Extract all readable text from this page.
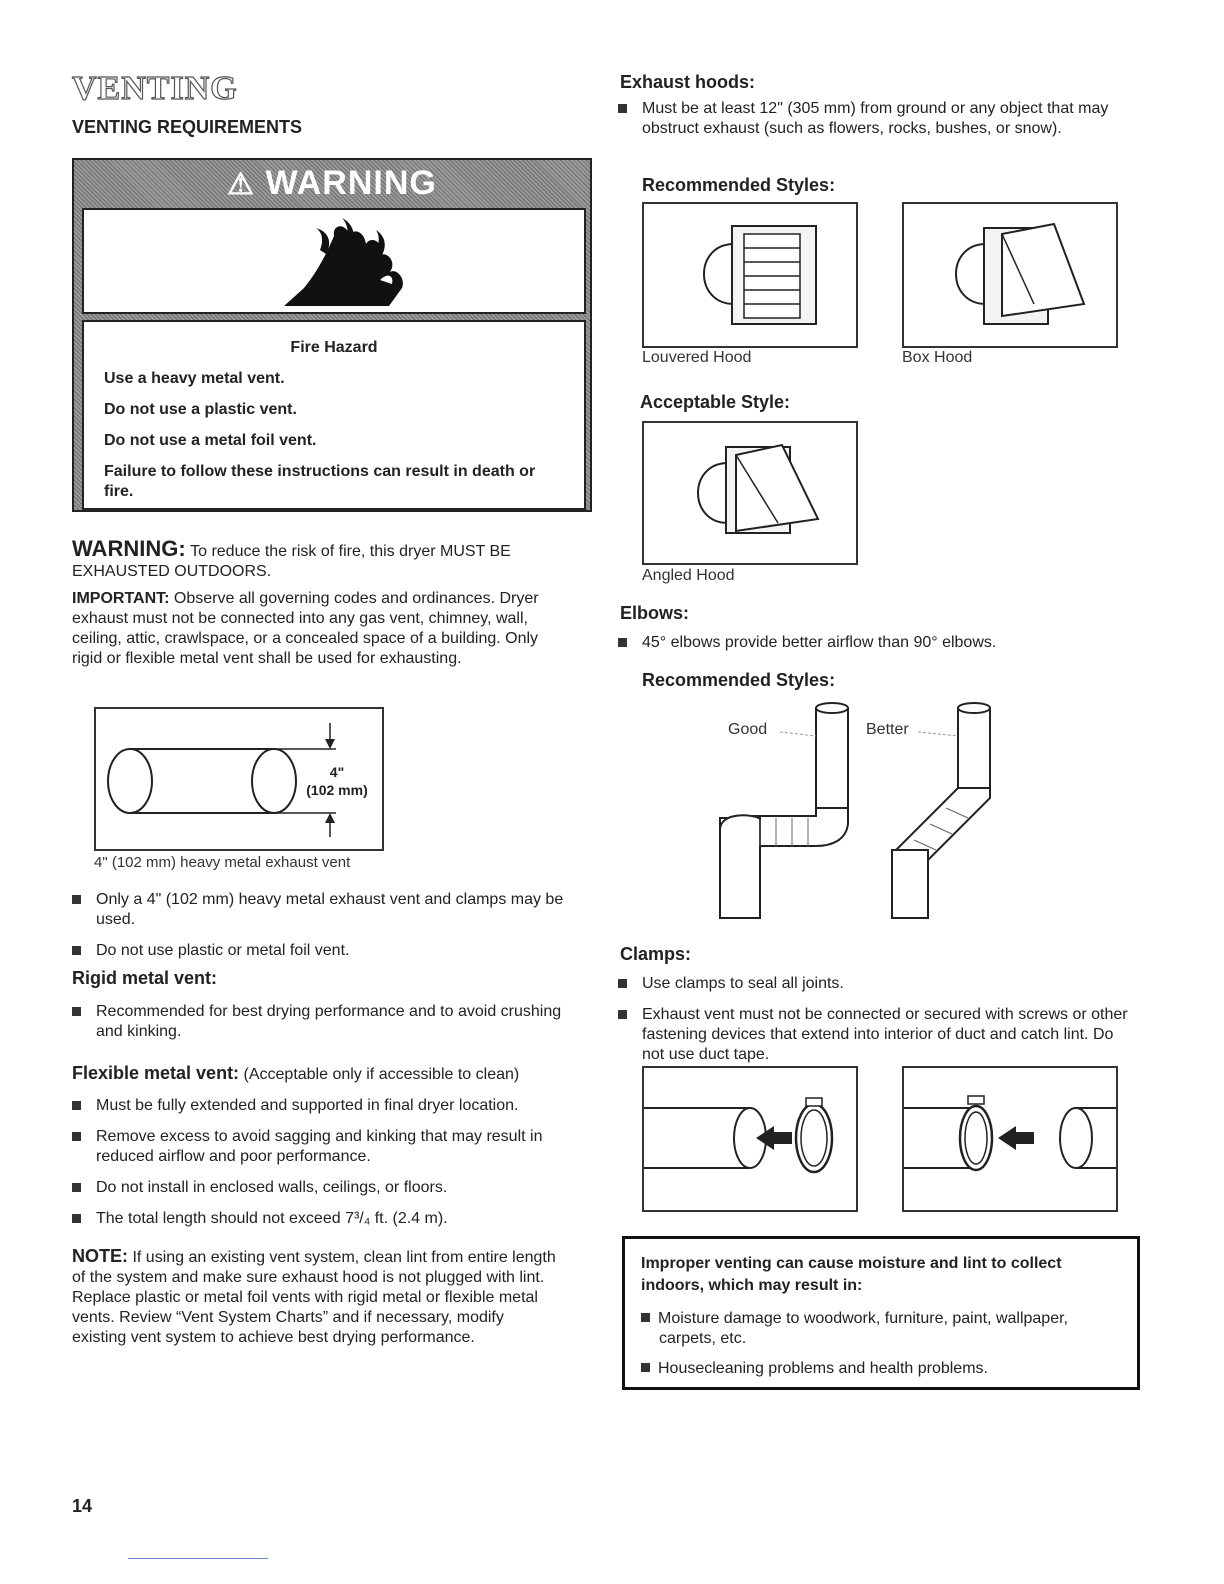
VENTING
VENTING REQUIREMENTS
⚠ WARNING

Fire Hazard

Use a heavy metal vent.

Do not use a plastic vent.

Do not use a metal foil vent.

Failure to follow these instructions can result in death or fire.

WARNING: To reduce the risk of fire, this dryer MUST BE EXHAUSTED OUTDOORS.
IMPORTANT: Observe all governing codes and ordinances. Dryer exhaust must not be connected into any gas vent, chimney, wall, ceiling, attic, crawlspace, or a concealed space of a building. Only rigid or flexible metal vent shall be used for exhausting.
4"
(102 mm)
4" (102 mm) heavy metal exhaust vent
Only a 4" (102 mm) heavy metal exhaust vent and clamps may be used.
Do not use plastic or metal foil vent.
Rigid metal vent:
Recommended for best drying performance and to avoid crushing and kinking.
Flexible metal vent: (Acceptable only if accessible to clean)
Must be fully extended and supported in final dryer location.
Remove excess to avoid sagging and kinking that may result in reduced airflow and poor performance.
Do not install in enclosed walls, ceilings, or floors.
The total length should not exceed 7³/₄ ft. (2.4 m).
NOTE: If using an existing vent system, clean lint from entire length of the system and make sure exhaust hood is not plugged with lint. Replace plastic or metal foil vents with rigid metal or flexible metal vents. Review “Vent System Charts” and if necessary, modify existing vent system to achieve best drying performance.
14
Exhaust hoods:
Must be at least 12" (305 mm) from ground or any object that may obstruct exhaust (such as flowers, rocks, bushes, or snow).
Recommended Styles:
Louvered Hood	Box Hood
Acceptable Style:
Angled Hood
Elbows:
45° elbows provide better airflow than 90° elbows.
Recommended Styles:
Good	Better
Clamps:
Use clamps to seal all joints.
Exhaust vent must not be connected or secured with screws or other fastening devices that extend into interior of duct and catch lint. Do not use duct tape.
Improper venting can cause moisture and lint to collect indoors, which may result in:
Moisture damage to woodwork, furniture, paint, wallpaper, carpets, etc.
Housecleaning problems and health problems.
